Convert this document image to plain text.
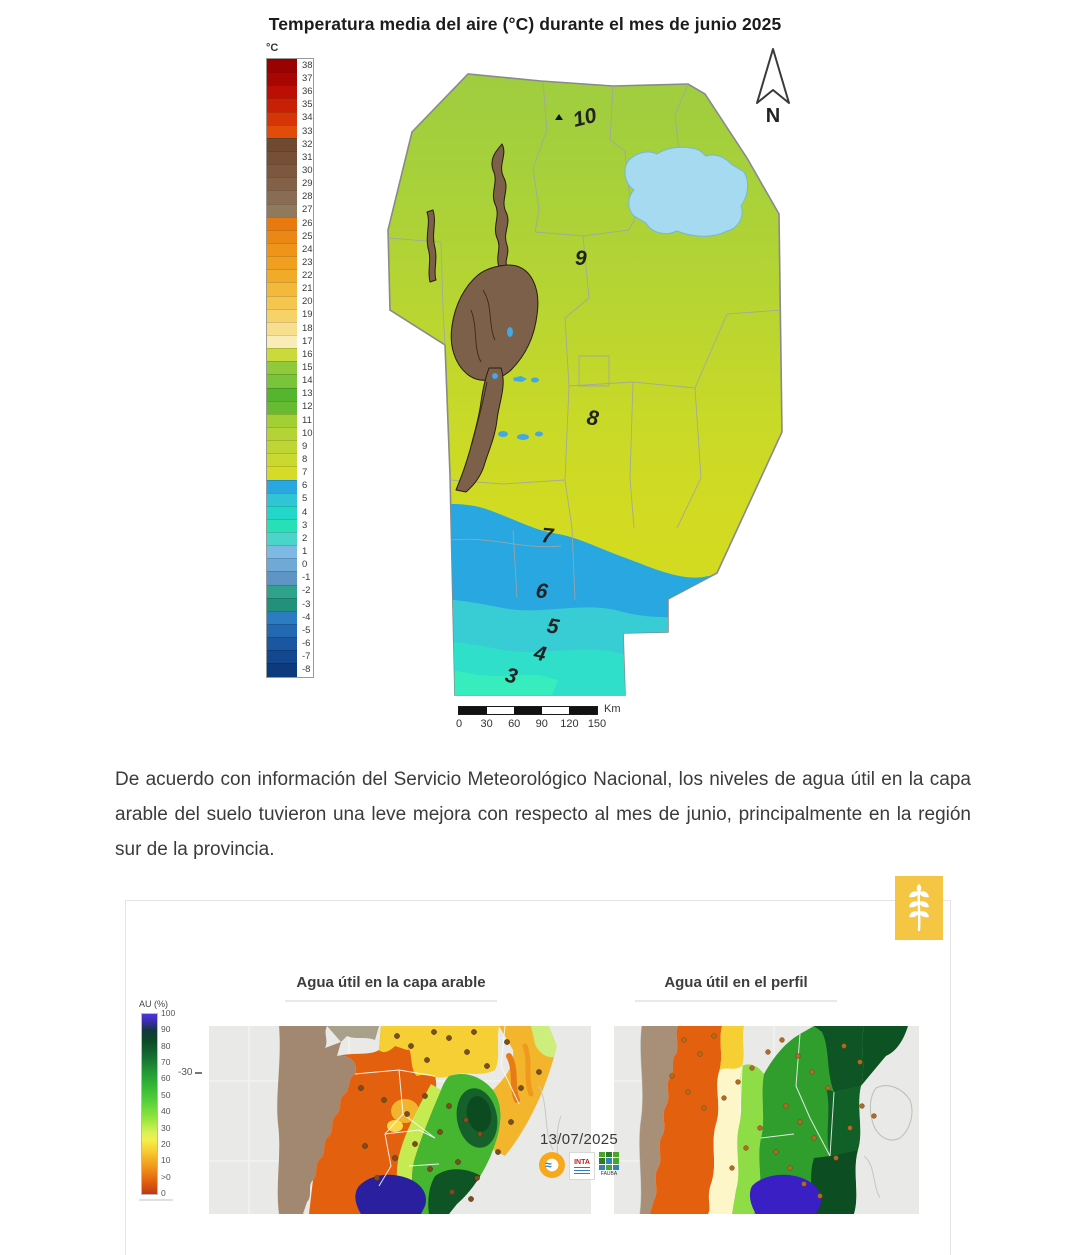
Temperatura media del aire (°C) durante el mes de junio 2025
°C
38
37
36
35
34
33
32
31
30
29
28
27
26
25
24
23
22
21
20
19
18
17
16
15
14
13
12
11
10
9
8
7
6
5
4
3
2
1
0
-1
-2
-3
-4
-5
-6
-7
-8
10
9
8
7
6
5
4
3
N
Km
0	30	60	90	120 150

De acuerdo con información del Servicio Meteorológico Nacional, los niveles de agua útil en la capa arable del suelo tuvieron una leve mejora con respecto al mes de junio, principalmente en la región sur de la provincia.

Agua útil en la capa arable	Agua útil en el perfil
AU (%)
100
90
80
70
60
50
40
30
20
10
>0
0
-30
13/07/2025
≈	INTA
FAUBA
